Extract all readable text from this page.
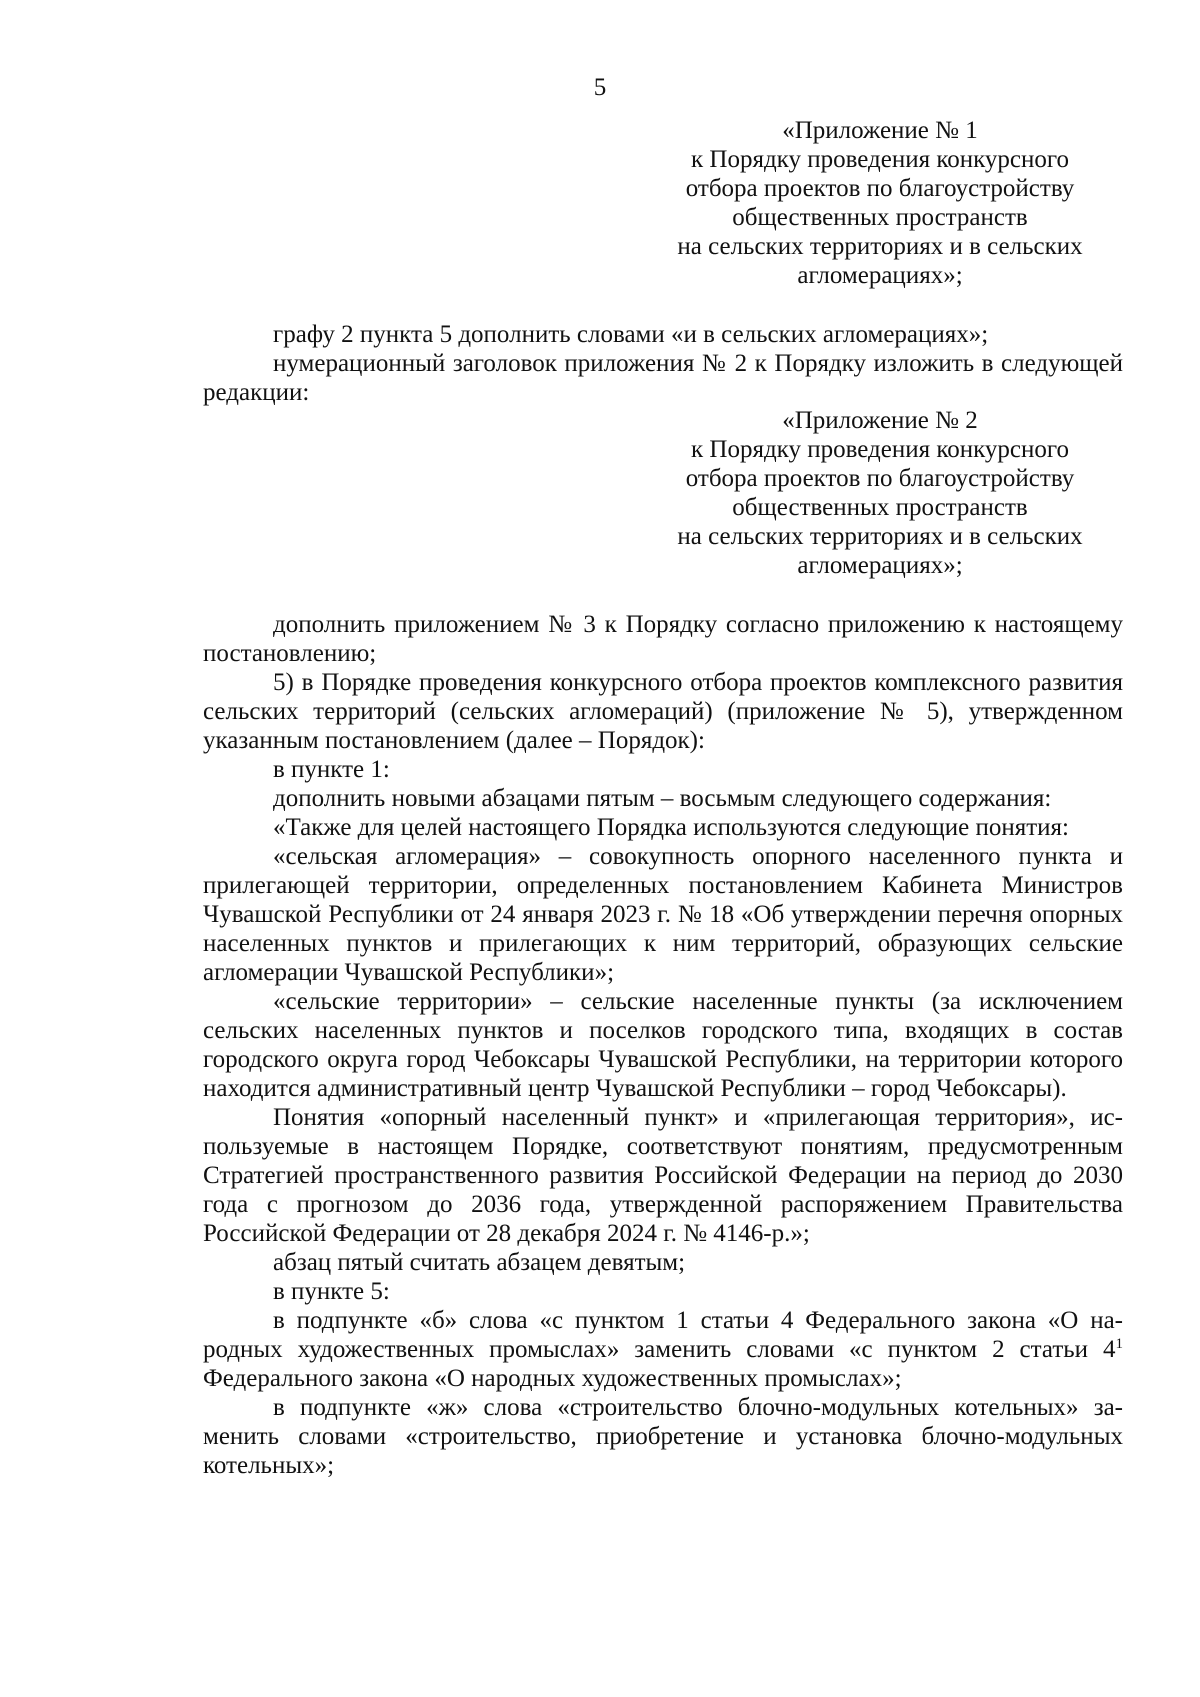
5
«Приложение № 1
к Порядку проведения конкурсного
отбора проектов по благоустройству
общественных пространств
на сельских территориях и в сельских
агломерациях»;

графу 2 пункта 5 дополнить словами «и в сельских агломерациях»;

нумерационный заголовок приложения № 2 к Порядку изложить в следующей редакции:

«Приложение № 2
к Порядку проведения конкурсного
отбора проектов по благоустройству
общественных пространств
на сельских территориях и в сельских
агломерациях»;

дополнить приложением № 3 к Порядку согласно приложению к настоящему постановлению;

5) в Порядке проведения конкурсного отбора проектов комплексного развития сельских территорий (сельских агломераций) (приложение № 5), утвержденном указанным постановлением (далее – Порядок):

в пункте 1:

дополнить новыми абзацами пятым – восьмым следующего содержания:

«Также для целей настоящего Порядка используются следующие понятия:

«сельская агломерация» – совокупность опорного населенного пункта и прилегающей территории, определенных постановлением Кабинета Министров Чувашской Республики от 24 января 2023 г. № 18 «Об утверждении перечня опорных населенных пунктов и прилегающих к ним территорий, образующих сельские агломерации Чувашской Республики»;

«сельские территории» – сельские населенные пункты (за исключением сельских населенных пунктов и поселков городского типа, входящих в состав городского округа город Чебоксары Чувашской Республики, на территории которого находится административный центр Чувашской Республики – город Чебоксары).

Понятия «опорный населенный пункт» и «прилегающая территория», используемые в настоящем Порядке, соответствуют понятиям, предусмотренным Стратегией пространственного развития Российской Федерации на период до 2030 года с прогнозом до 2036 года, утвержденной распоряжением Правительства Российской Федерации от 28 декабря 2024 г. № 4146-р.»;

абзац пятый считать абзацем девятым;

в пункте 5:

в подпункте «б» слова «с пунктом 1 статьи 4 Федерального закона «О народных художественных промыслах» заменить словами «с пунктом 2 статьи $4^1$ Федерального закона «О народных художественных промыслах»;

в подпункте «ж» слова «строительство блочно-модульных котельных» заменить словами «строительство, приобретение и установка блочно-модульных котельных»;
